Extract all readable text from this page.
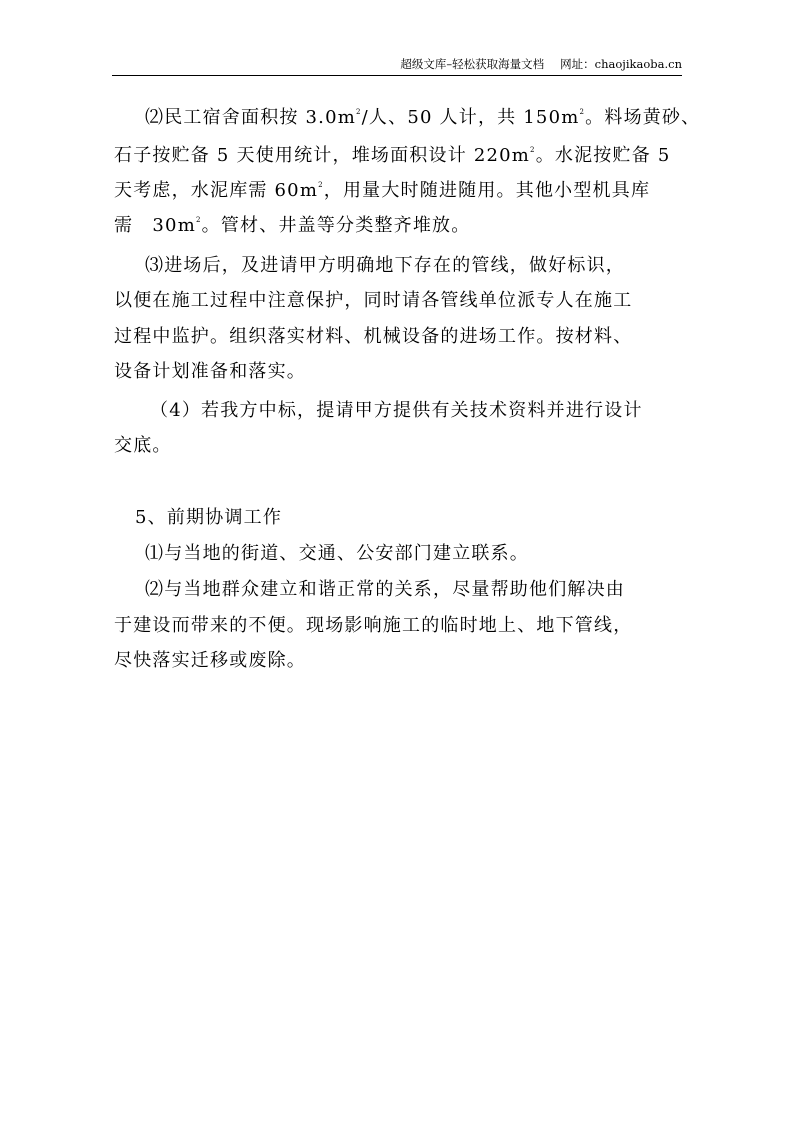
超级文库–轻松获取海量文档 网址：chaojikaoba.cn
⑵民工宿舍面积按 $3.0m^2/$人、50 人计，共 $150m^2$。料场黄砂、
石子按贮备 5 天使用统计，堆场面积设计 $220m^2$。水泥按贮备 5
天考虑，水泥库需 $60m^2$，用量大时随进随用。其他小型机具库
需　$30m^2$。管材、井盖等分类整齐堆放。
⑶进场后，及进请甲方明确地下存在的管线，做好标识，
以便在施工过程中注意保护，同时请各管线单位派专人在施工
过程中监护。组织落实材料、机械设备的进场工作。按材料、
设备计划准备和落实。
（4）若我方中标，提请甲方提供有关技术资料并进行设计
交底。
5、前期协调工作
⑴与当地的街道、交通、公安部门建立联系。
⑵与当地群众建立和谐正常的关系，尽量帮助他们解决由
于建设而带来的不便。现场影响施工的临时地上、地下管线，
尽快落实迁移或废除。
